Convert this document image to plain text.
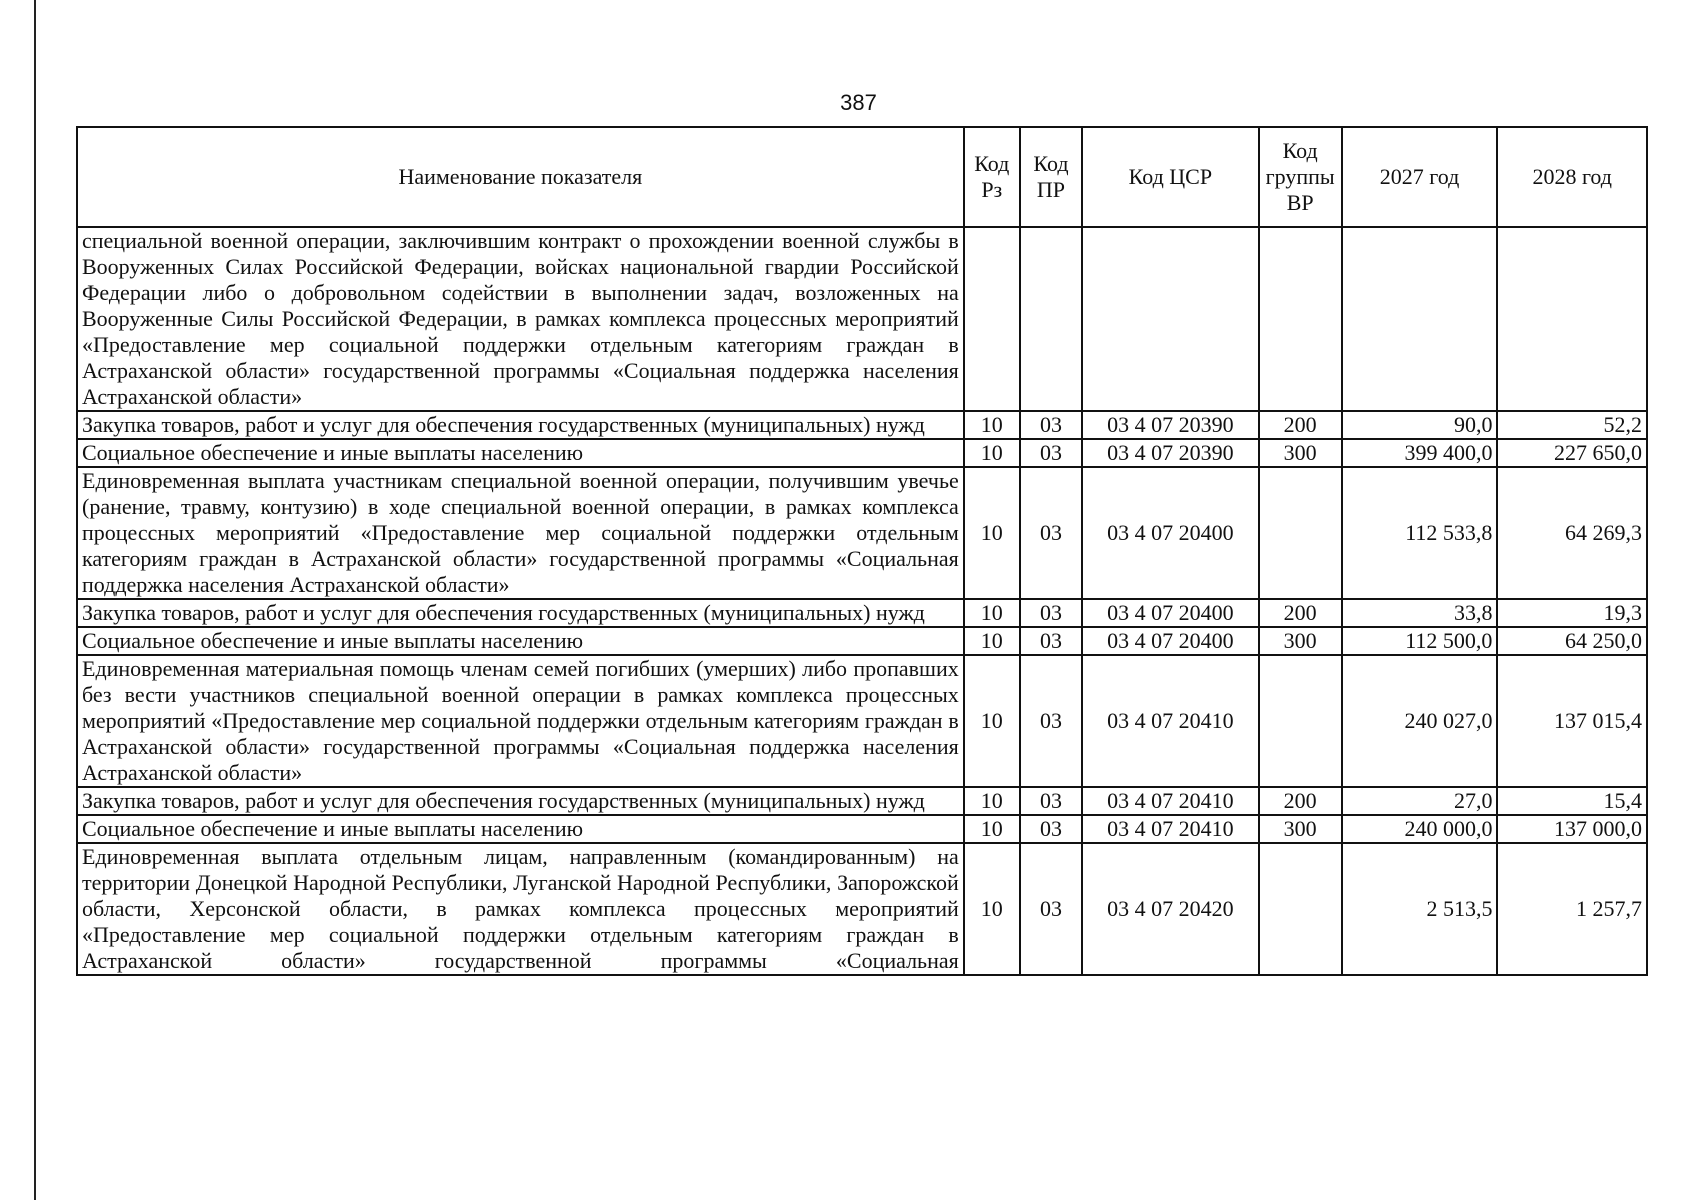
387
Наименование показателя	Код Рз	Код ПР	Код ЦСР	Код группы ВР	2027 год	2028 год
специальной военной операции, заключившим контракт о прохождении военной службы в Вооруженных Силах Российской Федерации, войсках национальной гвардии Российской Федерации либо о добровольном содействии в выполнении задач, возложенных на Вооруженные Силы Российской Федерации, в рамках комплекса процессных мероприятий «Предоставление мер социальной поддержки отдельным категориям граждан в Астраханской области» государственной программы «Социальная поддержка населения Астраханской области»						
Закупка товаров, работ и услуг для обеспечения государственных (муниципальных) нужд	10	03	03 4 07 20390	200	90,0	52,2
Социальное обеспечение и иные выплаты населению	10	03	03 4 07 20390	300	399 400,0	227 650,0
Единовременная выплата участникам специальной военной операции, получившим увечье (ранение, травму, контузию) в ходе специальной военной операции, в рамках комплекса процессных мероприятий «Предоставление мер социальной поддержки отдельным категориям граждан в Астраханской области» государственной программы «Социальная поддержка населения Астраханской области»	10	03	03 4 07 20400		112 533,8	64 269,3
Закупка товаров, работ и услуг для обеспечения государственных (муниципальных) нужд	10	03	03 4 07 20400	200	33,8	19,3
Социальное обеспечение и иные выплаты населению	10	03	03 4 07 20400	300	112 500,0	64 250,0
Единовременная материальная помощь членам семей погибших (умерших) либо пропавших без вести участников специальной военной операции в рамках комплекса процессных мероприятий «Предоставление мер социальной поддержки отдельным категориям граждан в Астраханской области» государственной программы «Социальная поддержка населения Астраханской области»	10	03	03 4 07 20410		240 027,0	137 015,4
Закупка товаров, работ и услуг для обеспечения государственных (муниципальных) нужд	10	03	03 4 07 20410	200	27,0	15,4
Социальное обеспечение и иные выплаты населению	10	03	03 4 07 20410	300	240 000,0	137 000,0
Единовременная выплата отдельным лицам, направленным (командированным) на территории Донецкой Народной Республики, Луганской Народной Республики, Запорожской области, Херсонской области, в рамках комплекса процессных мероприятий «Предоставление мер социальной поддержки отдельным категориям граждан в Астраханской области» государственной программы «Социальная	10	03	03 4 07 20420		2 513,5	1 257,7
